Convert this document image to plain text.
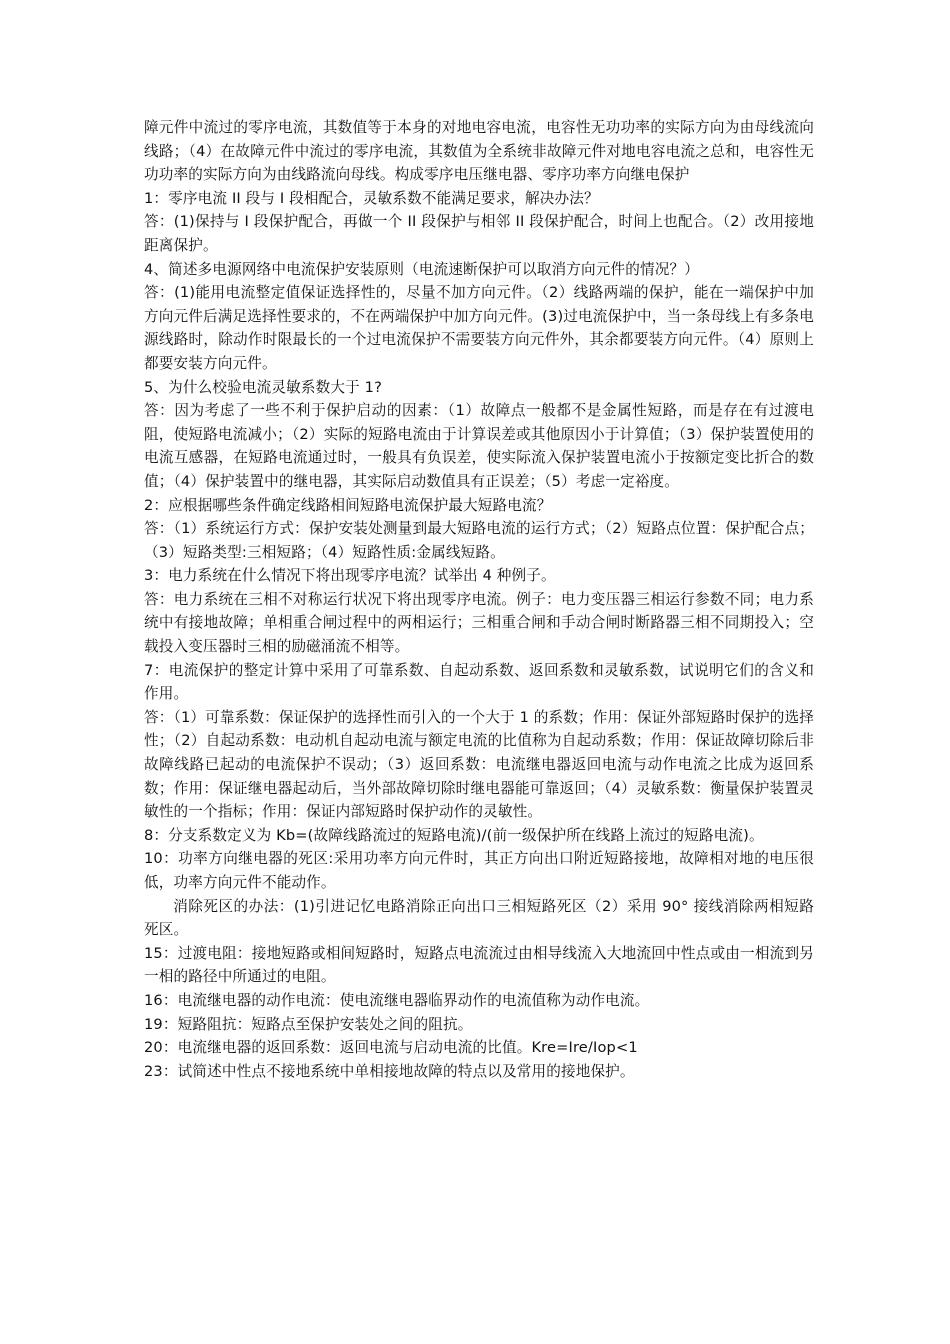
障元件中流过的零序电流，其数值等于本身的对地电容电流，电容性无功功率的实际方向为由母线流向线路；（4）在故障元件中流过的零序电流，其数值为全系统非故障元件对地电容电流之总和，电容性无功功率的实际方向为由线路流向母线。构成零序电压继电器、零序功率方向继电保护

1：零序电流 II 段与 I 段相配合，灵敏系数不能满足要求，解决办法？

答：(1)保持与 I 段保护配合，再做一个 II 段保护与相邻 II 段保护配合，时间上也配合。（2）改用接地距离保护。

4、简述多电源网络中电流保护安装原则（电流速断保护可以取消方向元件的情况？）

答：(1)能用电流整定值保证选择性的，尽量不加方向元件。（2）线路两端的保护，能在一端保护中加方向元件后满足选择性要求的，不在两端保护中加方向元件。(3)过电流保护中，当一条母线上有多条电源线路时，除动作时限最长的一个过电流保护不需要装方向元件外，其余都要装方向元件。（4）原则上都要安装方向元件。

5、为什么校验电流灵敏系数大于 1?

答：因为考虑了一些不利于保护启动的因素：（1）故障点一般都不是金属性短路，而是存在有过渡电阻，使短路电流减小；（2）实际的短路电流由于计算误差或其他原因小于计算值；（3）保护装置使用的电流互感器，在短路电流通过时，一般具有负误差，使实际流入保护装置电流小于按额定变比折合的数值；（4）保护装置中的继电器，其实际启动数值具有正误差；（5）考虑一定裕度。

2：应根据哪些条件确定线路相间短路电流保护最大短路电流？

答：（1）系统运行方式：保护安装处测量到最大短路电流的运行方式；（2）短路点位置：保护配合点；（3）短路类型:三相短路；（4）短路性质:金属线短路。

3：电力系统在什么情况下将出现零序电流？试举出 4 种例子。

答：电力系统在三相不对称运行状况下将出现零序电流。例子：电力变压器三相运行参数不同；电力系统中有接地故障；单相重合闸过程中的两相运行；三相重合闸和手动合闸时断路器三相不同期投入；空载投入变压器时三相的励磁涌流不相等。

7：电流保护的整定计算中采用了可靠系数、自起动系数、返回系数和灵敏系数，试说明它们的含义和作用。

答：（1）可靠系数：保证保护的选择性而引入的一个大于 1 的系数；作用：保证外部短路时保护的选择性；（2）自起动系数：电动机自起动电流与额定电流的比值称为自起动系数；作用：保证故障切除后非故障线路已起动的电流保护不误动；（3）返回系数：电流继电器返回电流与动作电流之比成为返回系数；作用：保证继电器起动后，当外部故障切除时继电器能可靠返回；（4）灵敏系数：衡量保护装置灵敏性的一个指标；作用：保证内部短路时保护动作的灵敏性。

8：分支系数定义为 Kb=(故障线路流过的短路电流)/(前一级保护所在线路上流过的短路电流)。

10：功率方向继电器的死区:采用功率方向元件时，其正方向出口附近短路接地，故障相对地的电压很低，功率方向元件不能动作。

消除死区的办法：(1)引进记忆电路消除正向出口三相短路死区（2）采用 90° 接线消除两相短路死区。

15：过渡电阻：接地短路或相间短路时，短路点电流流过由相导线流入大地流回中性点或由一相流到另一相的路径中所通过的电阻。

16：电流继电器的动作电流：使电流继电器临界动作的电流值称为动作电流。

19：短路阻抗：短路点至保护安装处之间的阻抗。

20：电流继电器的返回系数：返回电流与启动电流的比值。Kre=Ire/Iop<1

23：试简述中性点不接地系统中单相接地故障的特点以及常用的接地保护。
